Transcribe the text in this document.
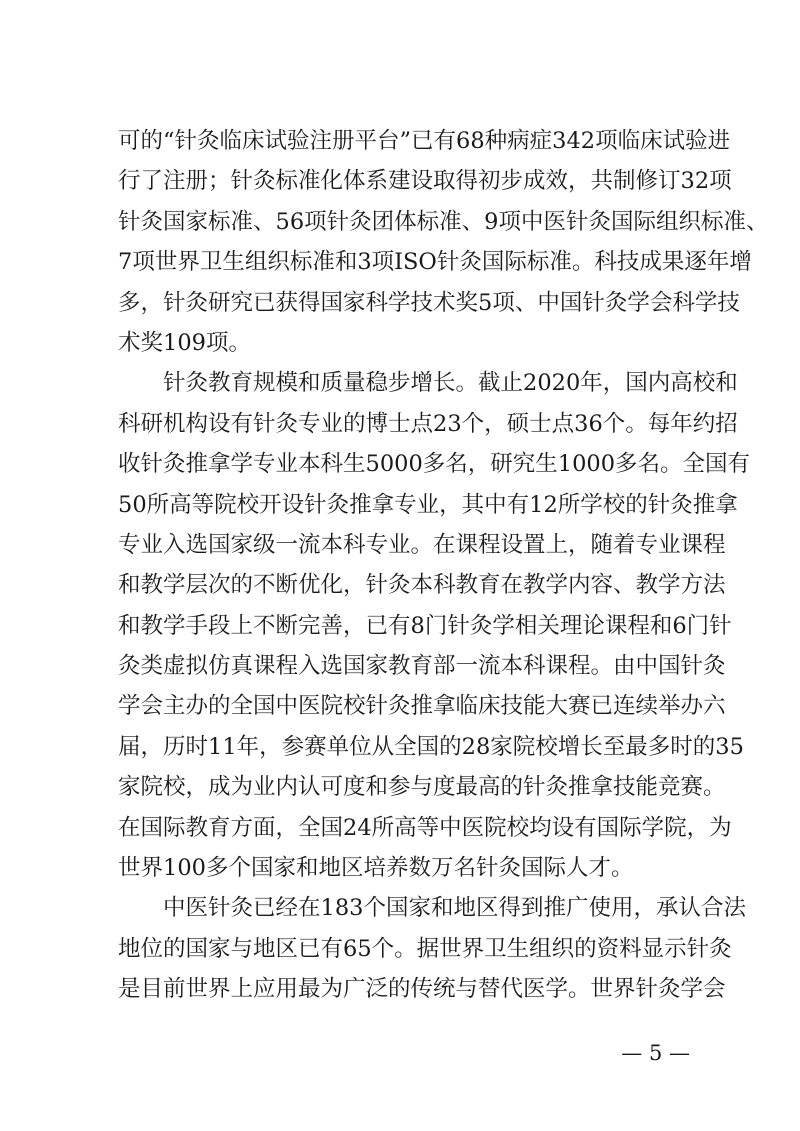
可的“针灸临床试验注册平台”已有68种病症342项临床试验进
行了注册；针灸标准化体系建设取得初步成效，共制修订32项
针灸国家标准、56项针灸团体标准、9项中医针灸国际组织标准、
7项世界卫生组织标准和3项ISO针灸国际标准。科技成果逐年增
多，针灸研究已获得国家科学技术奖5项、中国针灸学会科学技
术奖109项。
针灸教育规模和质量稳步增长。截止2020年，国内高校和
科研机构设有针灸专业的博士点23个，硕士点36个。每年约招
收针灸推拿学专业本科生5000多名，研究生1000多名。全国有
50所高等院校开设针灸推拿专业，其中有12所学校的针灸推拿
专业入选国家级一流本科专业。在课程设置上，随着专业课程
和教学层次的不断优化，针灸本科教育在教学内容、教学方法
和教学手段上不断完善，已有8门针灸学相关理论课程和6门针
灸类虚拟仿真课程入选国家教育部一流本科课程。由中国针灸
学会主办的全国中医院校针灸推拿临床技能大赛已连续举办六
届，历时11年，参赛单位从全国的28家院校增长至最多时的35
家院校，成为业内认可度和参与度最高的针灸推拿技能竞赛。
在国际教育方面，全国24所高等中医院校均设有国际学院，为
世界100多个国家和地区培养数万名针灸国际人才。
中医针灸已经在183个国家和地区得到推广使用，承认合法
地位的国家与地区已有65个。据世界卫生组织的资料显示针灸
是目前世界上应用最为广泛的传统与替代医学。世界针灸学会
— 5 —
